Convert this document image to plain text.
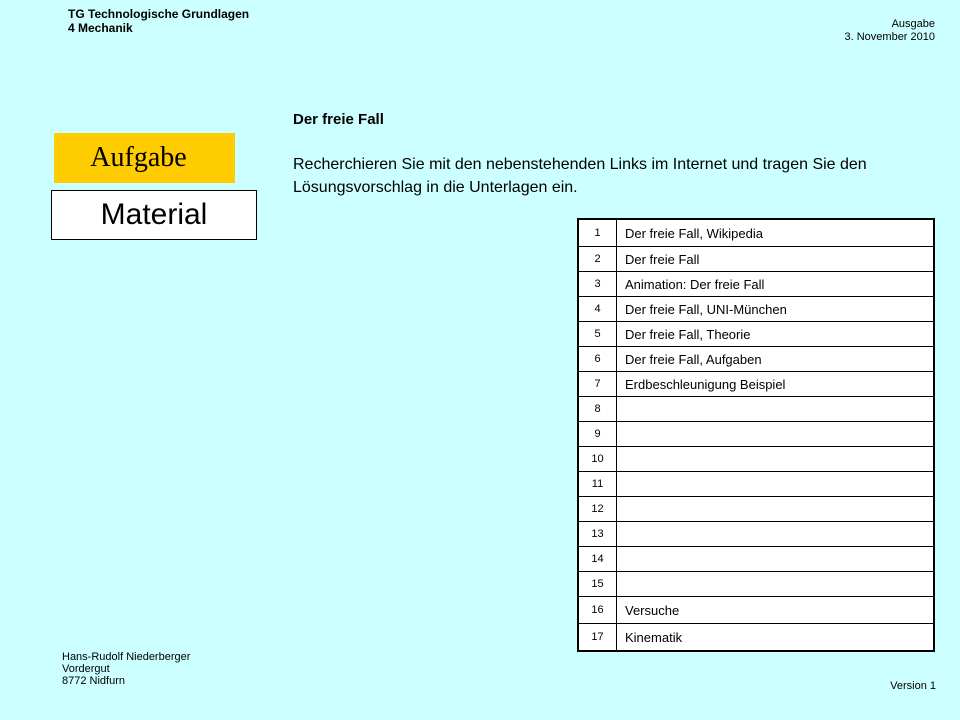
TG Technologische Grundlagen
4 Mechanik	Ausgabe
3. November 2010
Aufgabe
Material
Der freie Fall
Recherchieren Sie mit den nebenstehenden Links im Internet und tragen Sie den Lösungsvorschlag in die Unterlagen ein.
1	Der freie Fall, Wikipedia
2	Der freie Fall
3	Animation: Der freie Fall
4	Der freie Fall, UNI-München
5	Der freie Fall, Theorie
6	Der freie Fall, Aufgaben
7	Erdbeschleunigung Beispiel
8	
9	
10	
11	
12	
13	
14	
15	
16	Versuche
17	Kinematik
Hans-Rudolf Niederberger
Vordergut
8772 Nidfurn	Version 1
